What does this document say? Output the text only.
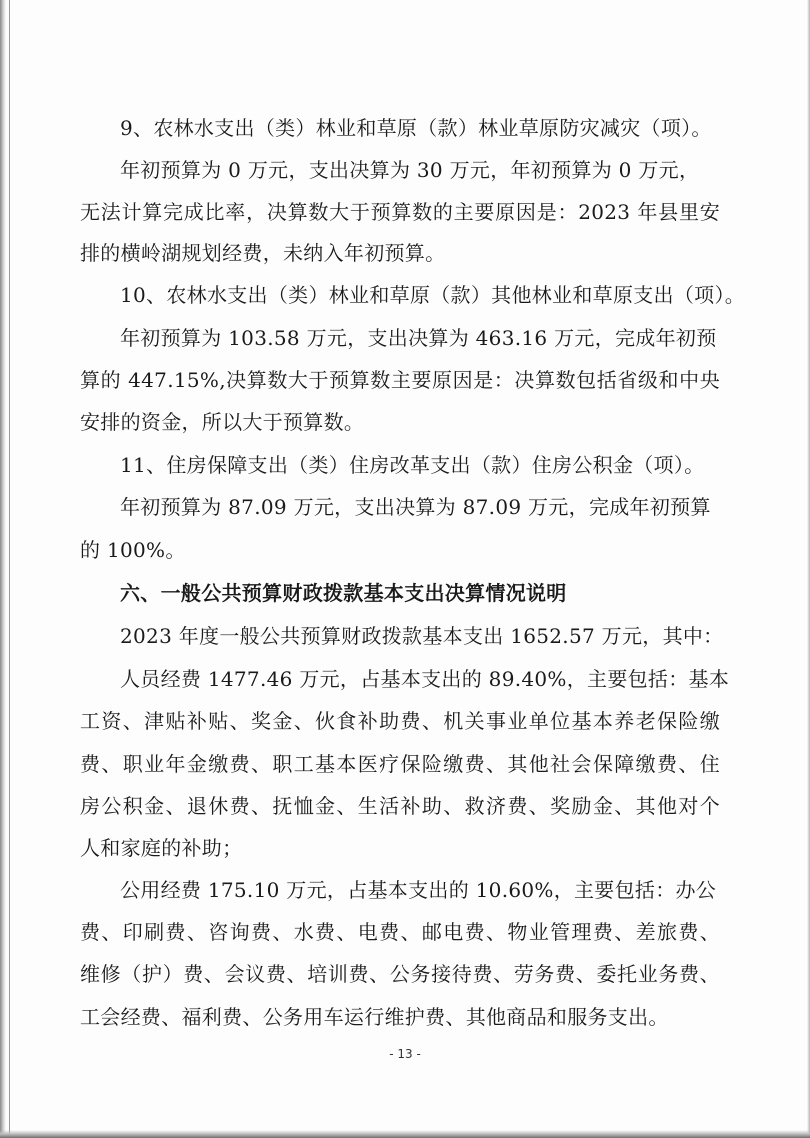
9、农林水支出（类）林业和草原（款）林业草原防灾减灾（项）。
年初预算为 0 万元，支出决算为 30 万元，年初预算为 0 万元，
无法计算完成比率，决算数大于预算数的主要原因是：2023 年县里安
排的横岭湖规划经费，未纳入年初预算。
10、农林水支出（类）林业和草原（款）其他林业和草原支出（项）。
年初预算为 103.58 万元，支出决算为 463.16 万元，完成年初预
算的 447.15%,决算数大于预算数主要原因是：决算数包括省级和中央
安排的资金，所以大于预算数。
11、住房保障支出（类）住房改革支出（款）住房公积金（项）。
年初预算为 87.09 万元，支出决算为 87.09 万元，完成年初预算
的 100%。
六、一般公共预算财政拨款基本支出决算情况说明
2023 年度一般公共预算财政拨款基本支出 1652.57 万元，其中：
人员经费 1477.46 万元，占基本支出的 89.40%，主要包括：基本
工资、津贴补贴、奖金、伙食补助费、机关事业单位基本养老保险缴
费、职业年金缴费、职工基本医疗保险缴费、其他社会保障缴费、住
房公积金、退休费、抚恤金、生活补助、救济费、奖励金、其他对个
人和家庭的补助；
公用经费 175.10 万元，占基本支出的 10.60%，主要包括：办公
费、印刷费、咨询费、水费、电费、邮电费、物业管理费、差旅费、
维修（护）费、会议费、培训费、公务接待费、劳务费、委托业务费、
工会经费、福利费、公务用车运行维护费、其他商品和服务支出。
- 13 -
